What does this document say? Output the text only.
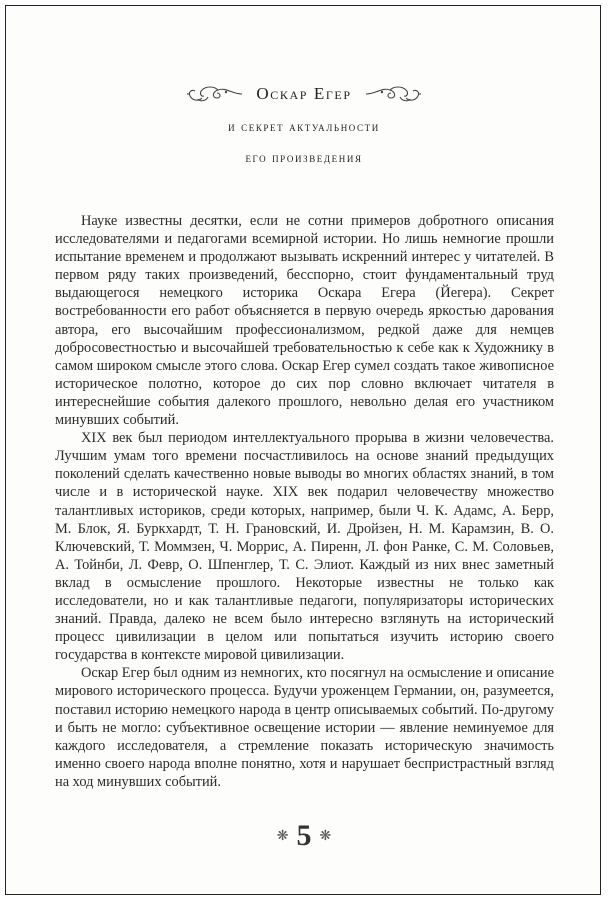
Оскар Егер
и секрет актуальности
его произведения

Науке известны десятки, если не сотни примеров добротного описания исследователями и педагогами всемирной истории. Но лишь немногие прошли испытание временем и продолжают вызывать искренний интерес у читателей. В первом ряду таких произведений, бесспорно, стоит фундаментальный труд выдающегося немецкого историка Оскара Егера (Йегера). Секрет востребованности его работ объясняется в первую очередь яркостью дарования автора, его высочайшим профессионализмом, редкой даже для немцев добросовестностью и высочайшей требовательностью к себе как к Художнику в самом широком смысле этого слова. Оскар Егер сумел создать такое живописное историческое полотно, которое до сих пор словно включает читателя в интереснейшие события далекого прошлого, невольно делая его участником минувших событий.

XIX век был периодом интеллектуального прорыва в жизни человечества. Лучшим умам того времени посчастливилось на основе знаний предыдущих поколений сделать качественно новые выводы во многих областях знаний, в том числе и в исторической науке. XIX век подарил человечеству множество талантливых историков, среди которых, например, были Ч. К. Адамс, А. Берр, М. Блок, Я. Буркхардт, Т. Н. Грановский, И. Дройзен, Н. М. Карамзин, В. О. Ключевский, Т. Моммзен, Ч. Моррис, А. Пиренн, Л. фон Ранке, С. М. Соловьев, А. Тойнби, Л. Февр, О. Шпенглер, Т. С. Элиот. Каждый из них внес заметный вклад в осмысление прошлого. Некоторые известны не только как исследователи, но и как талантливые педагоги, популяризаторы исторических знаний. Правда, далеко не всем было интересно взглянуть на исторический процесс цивилизации в целом или попытаться изучить историю своего государства в контексте мировой цивилизации.

Оскар Егер был одним из немногих, кто посягнул на осмысление и описание мирового исторического процесса. Будучи уроженцем Германии, он, разумеется, поставил историю немецкого народа в центр описываемых событий. По-другому и быть не могло: субъективное освещение истории — явление неминуемое для каждого исследователя, а стремление показать историческую значимость именно своего народа вполне понятно, хотя и нарушает беспристрастный взгляд на ход минувших событий.

❋ 5 ❋
